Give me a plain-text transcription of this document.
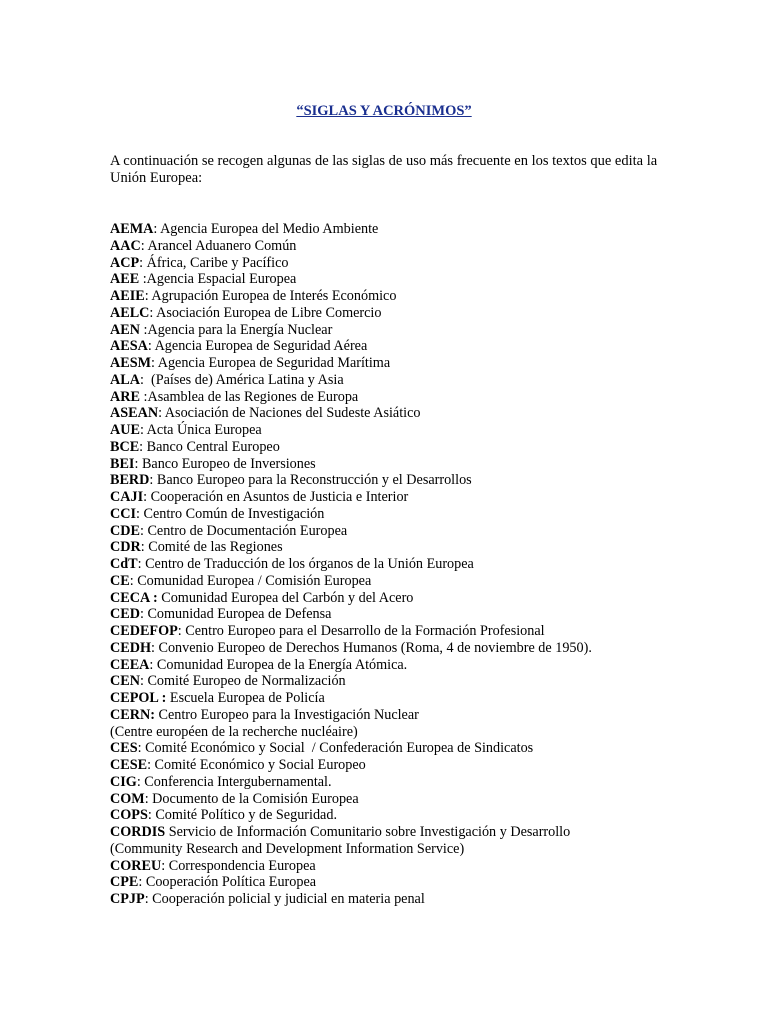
“SIGLAS Y ACRÓNIMOS”

A continuación se recogen algunas de las siglas de uso más frecuente en los textos que edita la Unión Europea:

AEMA: Agencia Europea del Medio Ambiente
AAC: Arancel Aduanero Común
ACP: África, Caribe y Pacífico
AEE :Agencia Espacial Europea
AEIE: Agrupación Europea de Interés Económico
AELC: Asociación Europea de Libre Comercio
AEN :Agencia para la Energía Nuclear
AESA: Agencia Europea de Seguridad Aérea
AESM: Agencia Europea de Seguridad Marítima
ALA:  (Países de) América Latina y Asia
ARE :Asamblea de las Regiones de Europa
ASEAN: Asociación de Naciones del Sudeste Asiático
AUE: Acta Única Europea
BCE: Banco Central Europeo
BEI: Banco Europeo de Inversiones
BERD: Banco Europeo para la Reconstrucción y el Desarrollos
CAJI: Cooperación en Asuntos de Justicia e Interior
CCI: Centro Común de Investigación
CDE: Centro de Documentación Europea
CDR: Comité de las Regiones
CdT: Centro de Traducción de los órganos de la Unión Europea
CE: Comunidad Europea / Comisión Europea
CECA : Comunidad Europea del Carbón y del Acero
CED: Comunidad Europea de Defensa
CEDEFOP: Centro Europeo para el Desarrollo de la Formación Profesional
CEDH: Convenio Europeo de Derechos Humanos (Roma, 4 de noviembre de 1950).
CEEA: Comunidad Europea de la Energía Atómica.
CEN: Comité Europeo de Normalización
CEPOL : Escuela Europea de Policía
CERN: Centro Europeo para la Investigación Nuclear
(Centre européen de la recherche nucléaire)
CES: Comité Económico y Social  / Confederación Europea de Sindicatos
CESE: Comité Económico y Social Europeo
CIG: Conferencia Intergubernamental.
COM: Documento de la Comisión Europea
COPS: Comité Político y de Seguridad.
CORDIS Servicio de Información Comunitario sobre Investigación y Desarrollo
(Community Research and Development Information Service)
COREU: Correspondencia Europea
CPE: Cooperación Política Europea
CPJP: Cooperación policial y judicial en materia penal
